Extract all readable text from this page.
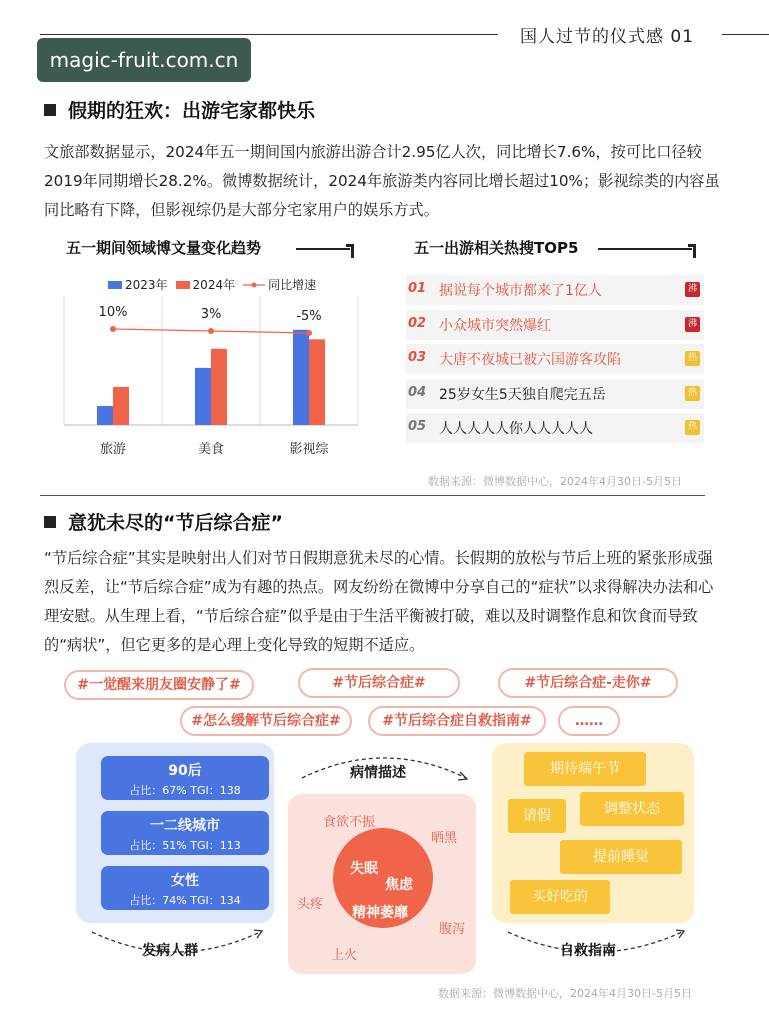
国人过节的仪式感 01
magic-fruit.com.cn
假期的狂欢：出游宅家都快乐
文旅部数据显示，2024年五一期间国内旅游出游合计2.95亿人次，同比增长7.6%，按可比口径较2019年同期增长28.2%。微博数据统计，2024年旅游类内容同比增长超过10%；影视综类的内容虽同比略有下降，但影视综仍是大部分宅家用户的娱乐方式。
五一期间领域博文量变化趋势
2023年	2024年	同比增速
旅游	美食	影视综
10%	3%	-5%
五一出游相关热搜TOP5
01 据说每个城市都来了1亿人	沸
02 小众城市突然爆红	沸
03 大唐不夜城已被六国游客攻陷	热
04 25岁女生5天独自爬完五岳	热
05 人人人人人你人人人人人	热
数据来源：微博数据中心，2024年4月30日-5月5日
意犹未尽的“节后综合症”
“节后综合症”其实是映射出人们对节日假期意犹未尽的心情。长假期的放松与节后上班的紧张形成强烈反差，让“节后综合症”成为有趣的热点。网友纷纷在微博中分享自己的“症状”以求得解决办法和心理安慰。从生理上看，“节后综合症”似乎是由于生活平衡被打破，难以及时调整作息和饮食而导致的“病状”，但它更多的是心理上变化导致的短期不适应。
#一觉醒来朋友圈安静了#	#节后综合症#	#节后综合症-走你#
#怎么缓解节后综合症#	#节后综合症自救指南#	……
90后
占比：67% TGI：138
一二线城市
占比：51% TGI：113
女性
占比：74% TGI：134
发病人群
病情描述
食欲不振
晒黑
头疼
腹泻
上火
失眠
焦虑
精神萎靡
期待端午节
请假	调整状态
提前睡觉
买好吃的
自救指南
数据来源：微博数据中心，2024年4月30日-5月5日
